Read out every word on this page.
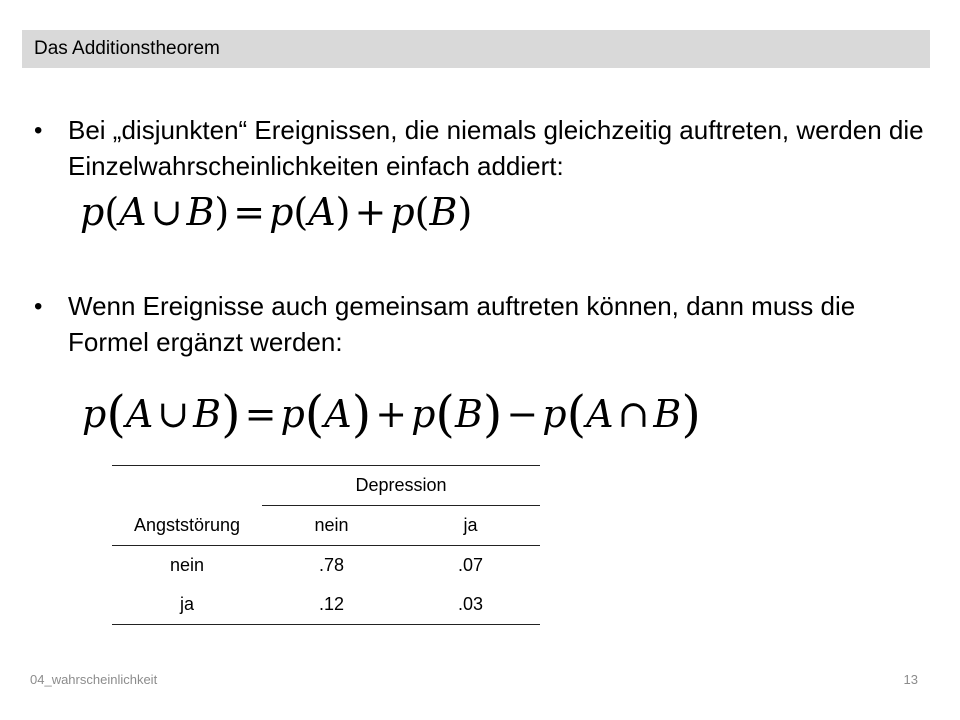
Das Additionstheorem
• Bei „disjunkten“ Ereignissen, die niemals gleichzeitig auftreten, werden die Einzelwahrscheinlichkeiten einfach addiert:
p(A ∪ B) = p(A) + p(B)
• Wenn Ereignisse auch gemeinsam auftreten können, dann muss die Formel ergänzt werden:
p(A ∪ B) = p(A) + p(B) − p(A ∩ B)
	Depression	
Angststörung	nein	ja
nein	.78	.07
ja	.12	.03
04_wahrscheinlichkeit	13
